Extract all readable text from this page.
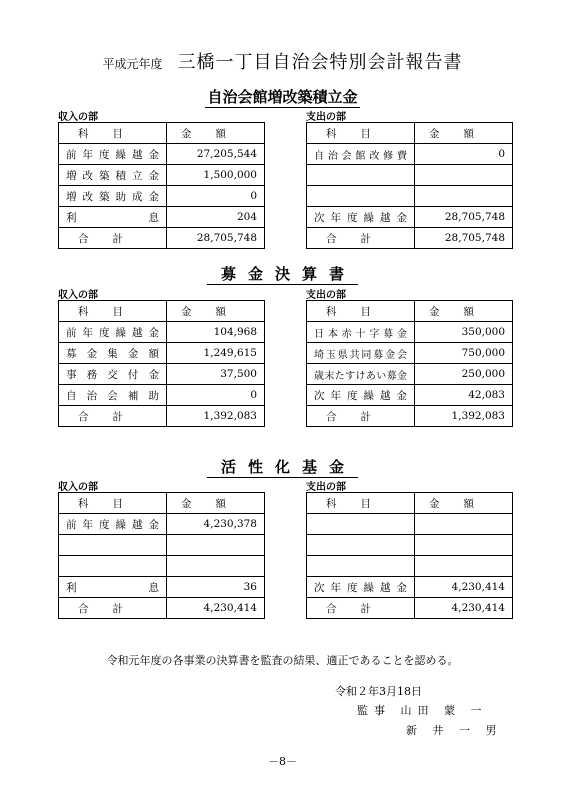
平成元年度 三橋一丁目自治会特別会計報告書
自治会館増改築積立金
収入の部	支出の部
科目	金額
前年度繰越金	27,205,544
増改築積立金	1,500,000
増改築助成金	0
利息	204
合計	28,705,748
科目	金額
自治会館改修費	0

次年度繰越金	28,705,748
合計	28,705,748
募金決算書
収入の部	支出の部
科目	金額
前年度繰越金	104,968
募金集金額	1,249,615
事務交付金	37,500
自治会補助	0
合計	1,392,083
科目	金額
日本赤十字募金	350,000
埼玉県共同募金会	750,000
歳末たすけあい募金	250,000
次年度繰越金	42,083
合計	1,392,083
活性化基金
収入の部	支出の部
科目	金額
前年度繰越金	4,230,378

利息	36
合計	4,230,414
科目	金額

次年度繰越金	4,230,414
合計	4,230,414
令和元年度の各事業の決算書を監査の結果、適正であることを認める。
令和２年3月18日
監事 山田 蒙 一
新 井 一 男
－8－
